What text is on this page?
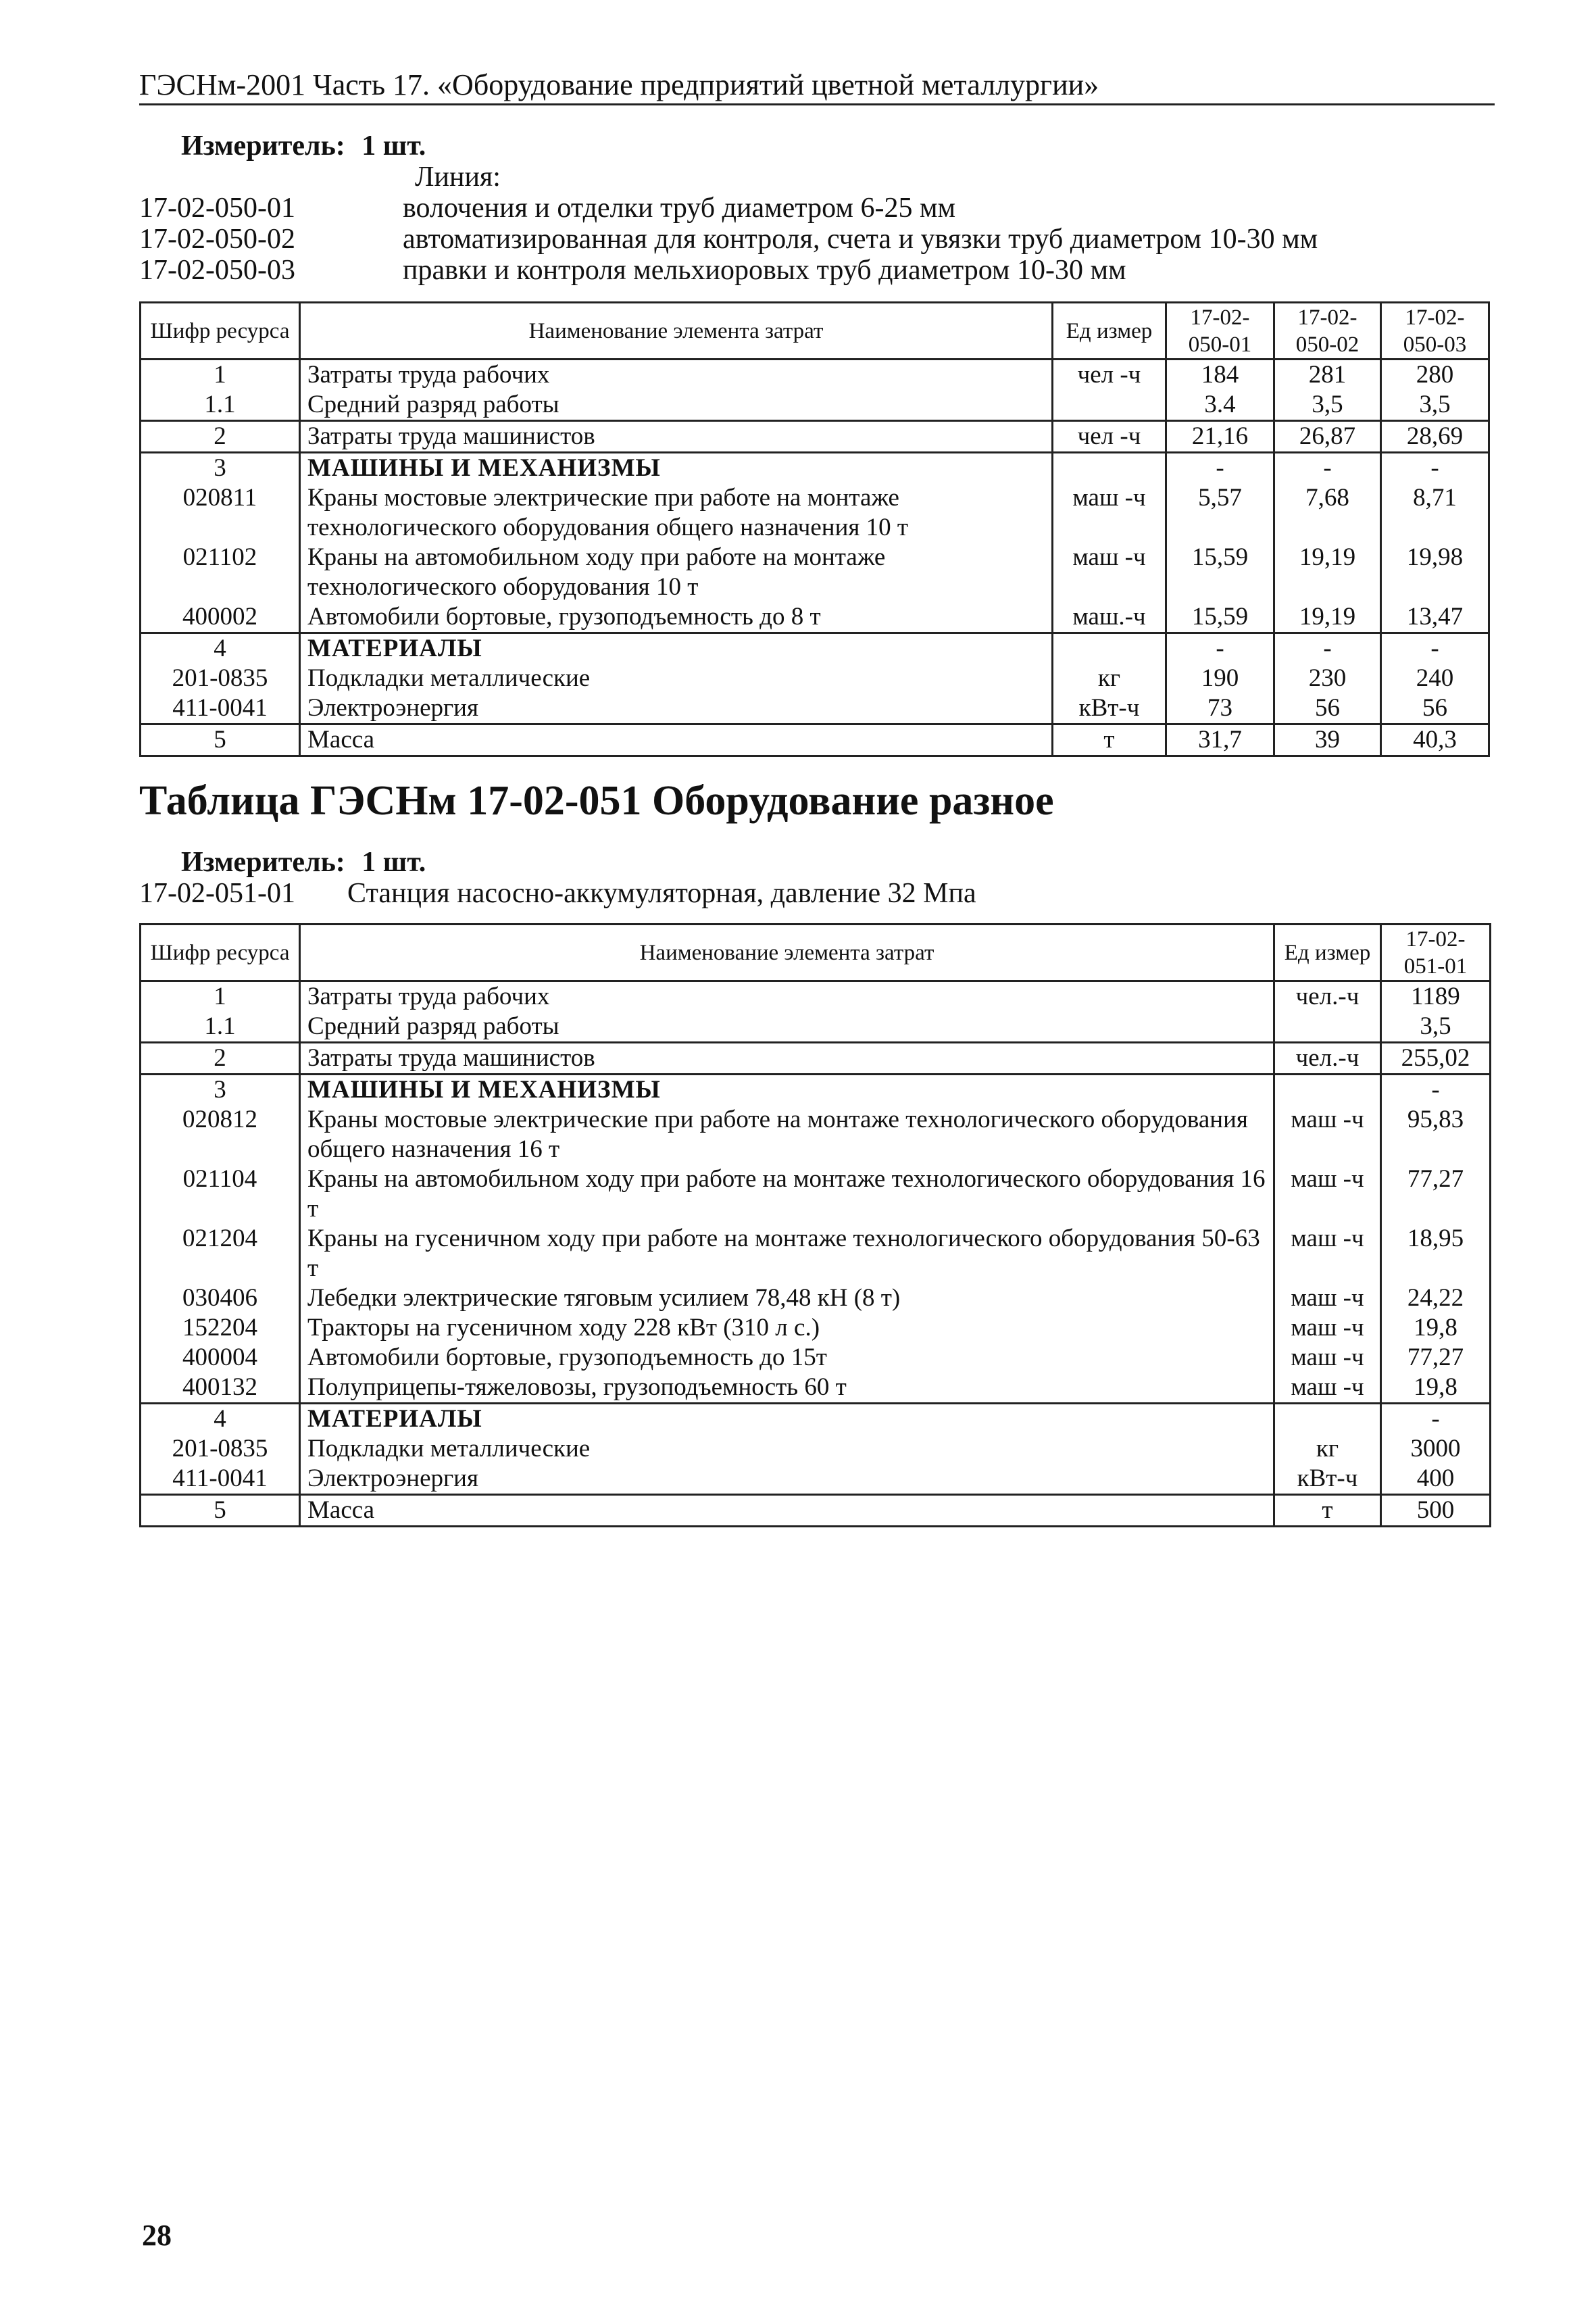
ГЭСНм-2001 Часть 17. «Оборудование предприятий цветной металлургии»
Измеритель: 1 шт.
Линия:
17-02-050-01	волочения и отделки труб диаметром 6-25 мм
17-02-050-02	автоматизированная для контроля, счета и увязки труб диаметром 10-30 мм
17-02-050-03	правки и контроля мельхиоровых труб диаметром 10-30 мм
Шифр ресурса	Наименование элемента затрат	Ед измер	17-02-050-01	17-02-050-02	17-02-050-03
1	Затраты труда рабочих	чел -ч	184	281	280
1.1	Средний разряд работы		3.4	3,5	3,5
2	Затраты труда машинистов	чел -ч	21,16	26,87	28,69
3	МАШИНЫ И МЕХАНИЗМЫ		-	-	-
020811	Краны мостовые электрические при работе на монтаже технологического оборудования общего назначения 10 т	маш -ч	5,57	7,68	8,71
021102	Краны на автомобильном ходу при работе на монтаже технологического оборудования 10 т	маш -ч	15,59	19,19	19,98
400002	Автомобили бортовые, грузоподъемность до 8 т	маш.-ч	15,59	19,19	13,47
4	МАТЕРИАЛЫ		-	-	-
201-0835	Подкладки металлические	кг	190	230	240
411-0041	Электроэнергия	кВт-ч	73	56	56
5	Масса	т	31,7	39	40,3
Таблица ГЭСНм 17-02-051 Оборудование разное
Измеритель: 1 шт.
17-02-051-01 Станция насосно-аккумуляторная, давление 32 Мпа
Шифр ресурса	Наименование элемента затрат	Ед измер	17-02-051-01
1	Затраты труда рабочих	чел.-ч	1189
1.1	Средний разряд работы		3,5
2	Затраты труда машинистов	чел.-ч	255,02
3	МАШИНЫ И МЕХАНИЗМЫ		-
020812	Краны мостовые электрические при работе на монтаже технологического оборудования общего назначения 16 т	маш -ч	95,83
021104	Краны на автомобильном ходу при работе на монтаже технологического оборудования 16 т	маш -ч	77,27
021204	Краны на гусеничном ходу при работе на монтаже технологического оборудования 50-63 т	маш -ч	18,95
030406	Лебедки электрические тяговым усилием 78,48 кН (8 т)	маш -ч	24,22
152204	Тракторы на гусеничном ходу 228 кВт (310 л с.)	маш -ч	19,8
400004	Автомобили бортовые, грузоподъемность до 15т	маш -ч	77,27
400132	Полуприцепы-тяжеловозы, грузоподъемность 60 т	маш -ч	19,8
4	МАТЕРИАЛЫ		-
201-0835	Подкладки металлические	кг	3000
411-0041	Электроэнергия	кВт-ч	400
5	Масса	т	500
28
